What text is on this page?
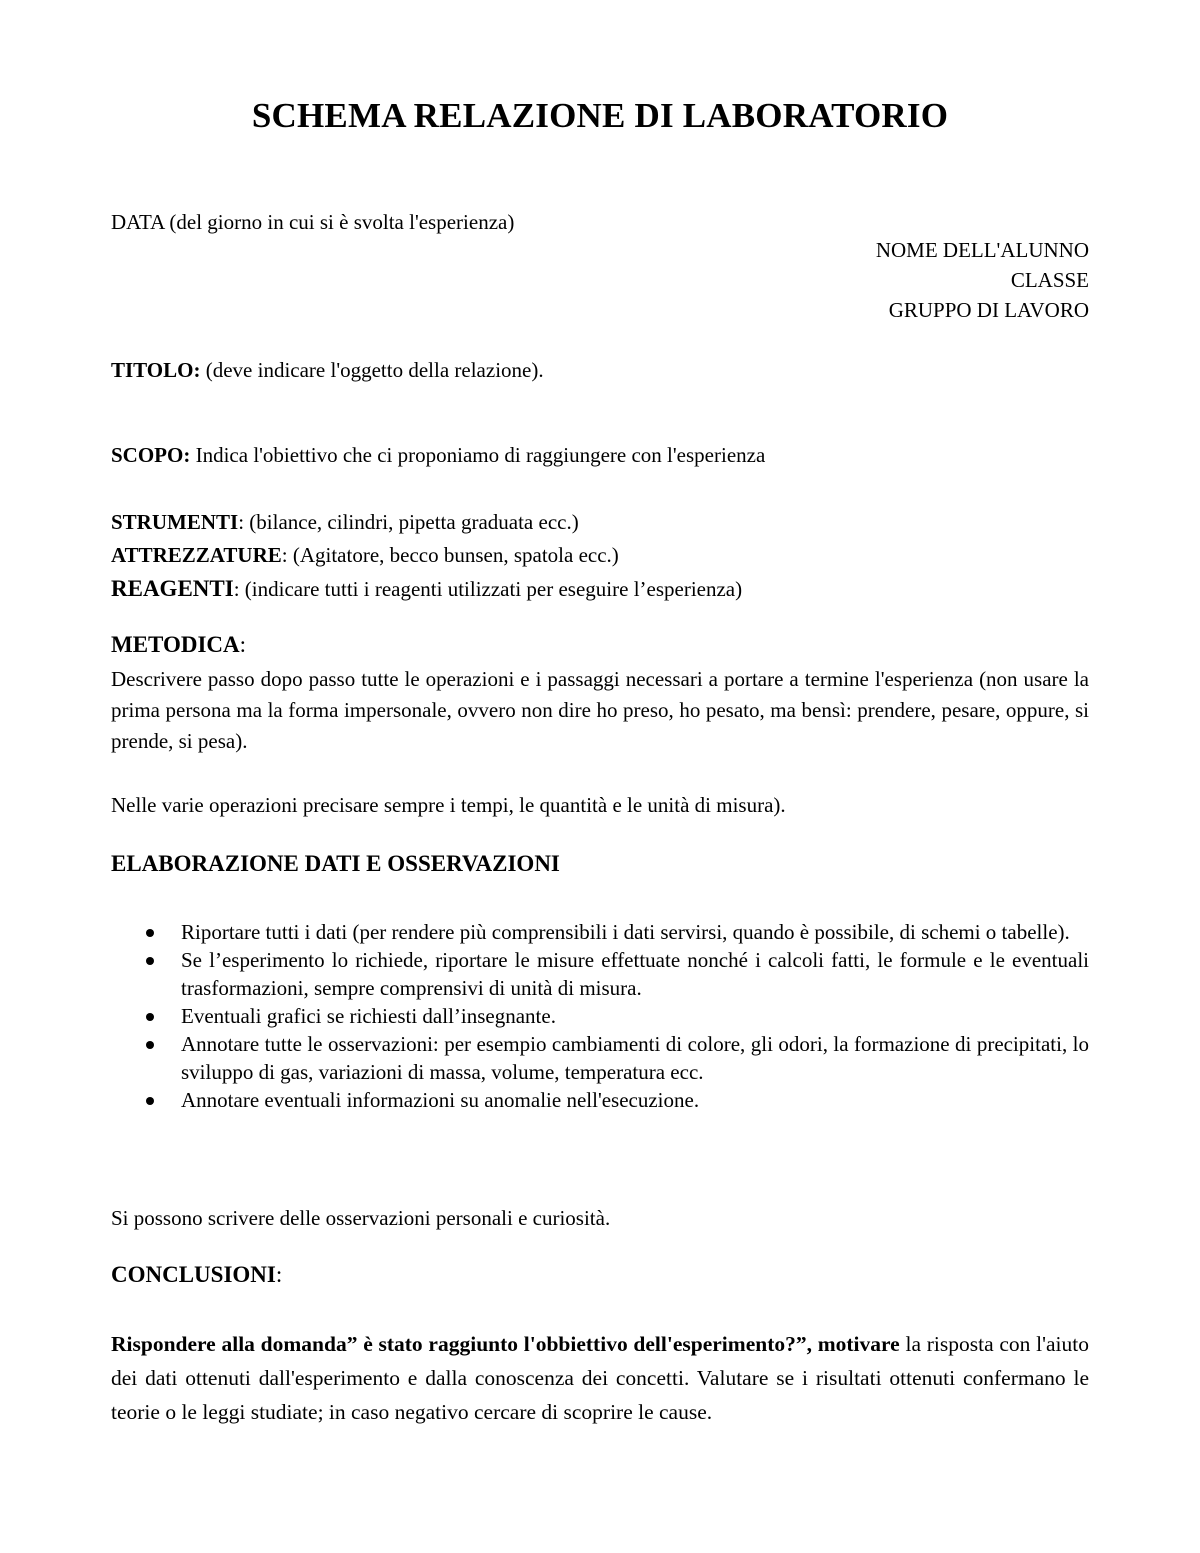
SCHEMA RELAZIONE DI LABORATORIO
DATA (del giorno in cui si è svolta l'esperienza)
NOME DELL'ALUNNO
CLASSE
GRUPPO DI LAVORO
TITOLO: (deve indicare l'oggetto della relazione).
SCOPO: Indica l'obiettivo che ci proponiamo di raggiungere con l'esperienza
STRUMENTI: (bilance, cilindri, pipetta graduata ecc.)
ATTREZZATURE: (Agitatore, becco bunsen, spatola ecc.)
REAGENTI: (indicare tutti i reagenti utilizzati per eseguire l’esperienza)
METODICA:
Descrivere passo dopo passo tutte le operazioni e i passaggi necessari a portare a termine l'esperienza (non usare la prima persona ma la forma impersonale, ovvero non dire ho preso, ho pesato, ma bensì: prendere, pesare, oppure, si prende, si pesa).
Nelle varie operazioni precisare sempre i tempi, le quantità e le unità di misura).
ELABORAZIONE DATI E OSSERVAZIONI
Riportare tutti i dati (per rendere più comprensibili i dati servirsi, quando è possibile, di schemi o tabelle).
Se l’esperimento lo richiede, riportare le misure effettuate nonché i calcoli fatti, le formule e le eventuali trasformazioni, sempre comprensivi di unità di misura.
Eventuali grafici se richiesti dall’insegnante.
Annotare tutte le osservazioni: per esempio cambiamenti di colore, gli odori, la formazione di precipitati, lo sviluppo di gas, variazioni di massa, volume, temperatura ecc.
Annotare eventuali informazioni su anomalie nell'esecuzione.
Si possono scrivere delle osservazioni personali e curiosità.
CONCLUSIONI:
Rispondere alla domanda” è stato raggiunto l'obbiettivo dell'esperimento?”, motivare la risposta con l'aiuto dei dati ottenuti dall'esperimento e dalla conoscenza dei concetti. Valutare se i risultati ottenuti confermano le teorie o le leggi studiate; in caso negativo cercare di scoprire le cause.
